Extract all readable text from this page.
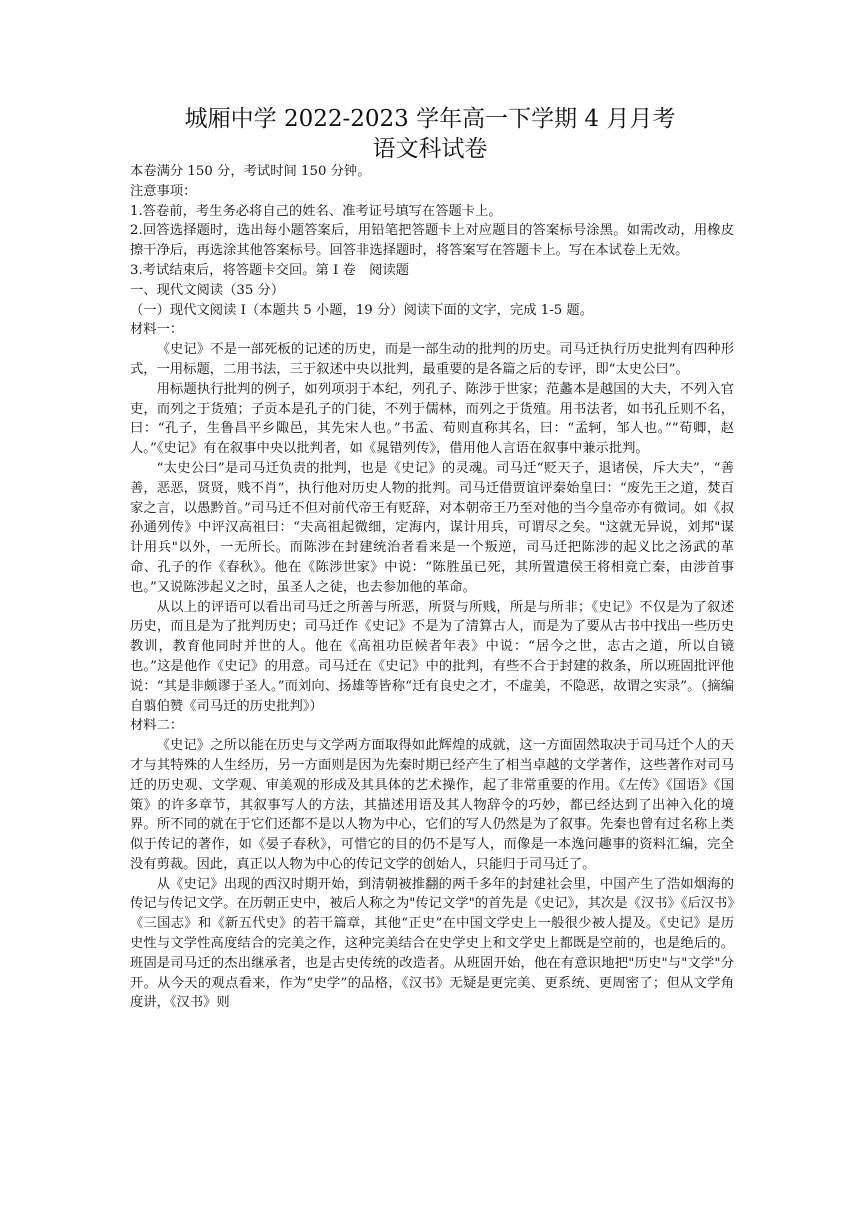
城厢中学 2022-2023 学年高一下学期 4 月月考
语文科试卷

本卷满分 150 分，考试时间 150 分钟。

注意事项：

1.答卷前，考生务必将自己的姓名、准考证号填写在答题卡上。

2.回答选择题时，选出每小题答案后，用铅笔把答题卡上对应题目的答案标号涂黑。如需改动，用橡皮擦干净后，再选涂其他答案标号。回答非选择题时，将答案写在答题卡上。写在本试卷上无效。

3.考试结束后，将答题卡交回。第 I 卷　阅读题

一、现代文阅读（35 分）

（一）现代文阅读 I（本题共 5 小题，19 分）阅读下面的文字，完成 1-5 题。

材料一：

《史记》不是一部死板的记述的历史，而是一部生动的批判的历史。司马迁执行历史批判有四种形式，一用标题，二用书法，三于叙述中央以批判，最重要的是各篇之后的专评，即“太史公曰”。

用标题执行批判的例子，如列项羽于本纪，列孔子、陈涉于世家；范蠡本是越国的大夫，不列入官吏，而列之于货殖；子贡本是孔子的门徒，不列于儒林，而列之于货殖。用书法者，如书孔丘则不名，曰：“孔子，生鲁昌平乡陬邑，其先宋人也。”书孟、荀则直称其名，曰：“孟轲，邹人也。”“荀卿，赵人。”《史记》有在叙事中央以批判者，如《晁错列传》，借用他人言语在叙事中兼示批判。

“太史公曰”是司马迁负责的批判，也是《史记》的灵魂。司马迁“贬天子，退诸侯，斥大夫”，“善善，恶恶，贤贤，贱不肖”，执行他对历史人物的批判。司马迁借贾谊评秦始皇曰：“废先王之道，焚百家之言，以愚黔首。”司马迁不但对前代帝王有贬辞，对本朝帝王乃至对他的当今皇帝亦有微词。如《叔孙通列传》中评汉高祖曰：“夫高祖起微细，定海内，谋计用兵，可谓尽之矣。"这就无异说，刘邦"谋计用兵"以外，一无所长。而陈涉在封建统治者看来是一个叛逆，司马迁把陈涉的起义比之汤武的革命、孔子的作《春秋》。他在《陈涉世家》中说：“陈胜虽已死，其所置遣侯王将相竟亡秦，由涉首事也。”又说陈涉起义之时，虽圣人之徒，也去参加他的革命。

从以上的评语可以看出司马迁之所善与所恶，所贤与所贱，所是与所非；《史记》不仅是为了叙述历史，而且是为了批判历史；司马迁作《史记》不是为了清算古人，而是为了要从古书中找出一些历史教训，教育他同时并世的人。他在《高祖功臣候者年表》中说：“居今之世，志古之道，所以自镜也。”这是他作《史记》的用意。司马迁在《史记》中的批判，有些不合于封建的救条，所以班固批评他说：“其是非颇谬于圣人。”而刘向、扬雄等皆称“迁有良史之才，不虚美，不隐恶，故谓之实录”。（摘编自翦伯赞《司马迁的历史批判》）

材料二：

《史记》之所以能在历史与文学两方面取得如此辉煌的成就，这一方面固然取决于司马迁个人的天才与其特殊的人生经历，另一方面则是因为先秦时期已经产生了相当卓越的文学著作，这些著作对司马迁的历史观、文学观、审美观的形成及其具体的艺术操作，起了非常重要的作用。《左传》《国语》《国策》的许多章节，其叙事写人的方法，其描述用语及其人物辞令的巧妙，都已经达到了出神入化的境界。所不同的就在于它们还都不是以人物为中心，它们的写人仍然是为了叙事。先秦也曾有过名称上类似于传记的著作，如《晏子春秋》，可惜它的目的仍不是写人，而像是一本逸问趣事的资料汇编，完全没有剪裁。因此，真正以人物为中心的传记文学的创始人，只能归于司马迁了。

从《史记》出现的西汉时期开始，到清朝被推翻的两千多年的封建社会里，中国产生了浩如烟海的传记与传记文学。在历朝正史中，被后人称之为"传记文学"的首先是《史记》，其次是《汉书》《后汉书》《三国志》和《新五代史》的若干篇章，其他“正史”在中国文学史上一般很少被人提及。《史记》是历史性与文学性高度结合的完美之作，这种完美结合在史学史上和文学史上都既是空前的，也是绝后的。班固是司马迁的杰出继承者，也是古史传统的改造者。从班固开始，他在有意识地把"历史"与"文学"分开。从今天的观点看来，作为“史学”的品格，《汉书》无疑是更完美、更系统、更周密了；但从文学角度讲，《汉书》则
